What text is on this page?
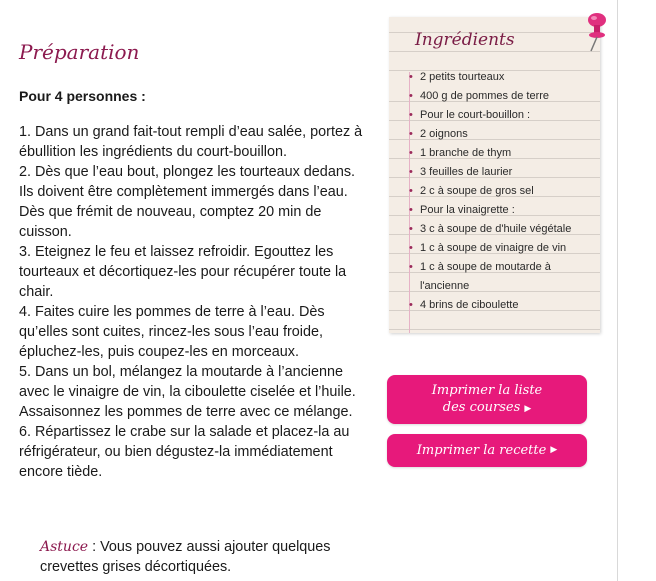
Préparation
Pour 4 personnes :
1. Dans un grand fait-tout rempli d’eau salée, portez à ébullition les ingrédients du court-bouillon.
2. Dès que l’eau bout, plongez les tourteaux dedans. Ils doivent être complètement immergés dans l’eau. Dès que frémit de nouveau, comptez 20 min de cuisson.
3. Eteignez le feu et laissez refroidir. Egouttez les tourteaux et décortiquez-les pour récupérer toute la chair.
4. Faites cuire les pommes de terre à l’eau. Dès qu’elles sont cuites, rincez-les sous l’eau froide, épluchez-les, puis coupez-les en morceaux.
5. Dans un bol, mélangez la moutarde à l’ancienne avec le vinaigre de vin, la ciboulette ciselée et l’huile. Assaisonnez les pommes de terre avec ce mélange.
6. Répartissez le crabe sur la salade et placez-la au réfrigérateur, ou bien dégustez-la immédiatement encore tiède.
Astuce : Vous pouvez aussi ajouter quelques crevettes grises décortiquées.
Ingrédients
• 2 petits tourteaux
• 400 g de pommes de terre
• Pour le court-bouillon :
• 2 oignons
• 1 branche de thym
• 3 feuilles de laurier
• 2 c à soupe de gros sel
• Pour la vinaigrette :
• 3 c à soupe de d'huile végétale
• 1 c à soupe de vinaigre de vin
• 1 c à soupe de moutarde à l'ancienne
• 4 brins de ciboulette
Imprimer la liste
des courses ▶
Imprimer la recette ▶
